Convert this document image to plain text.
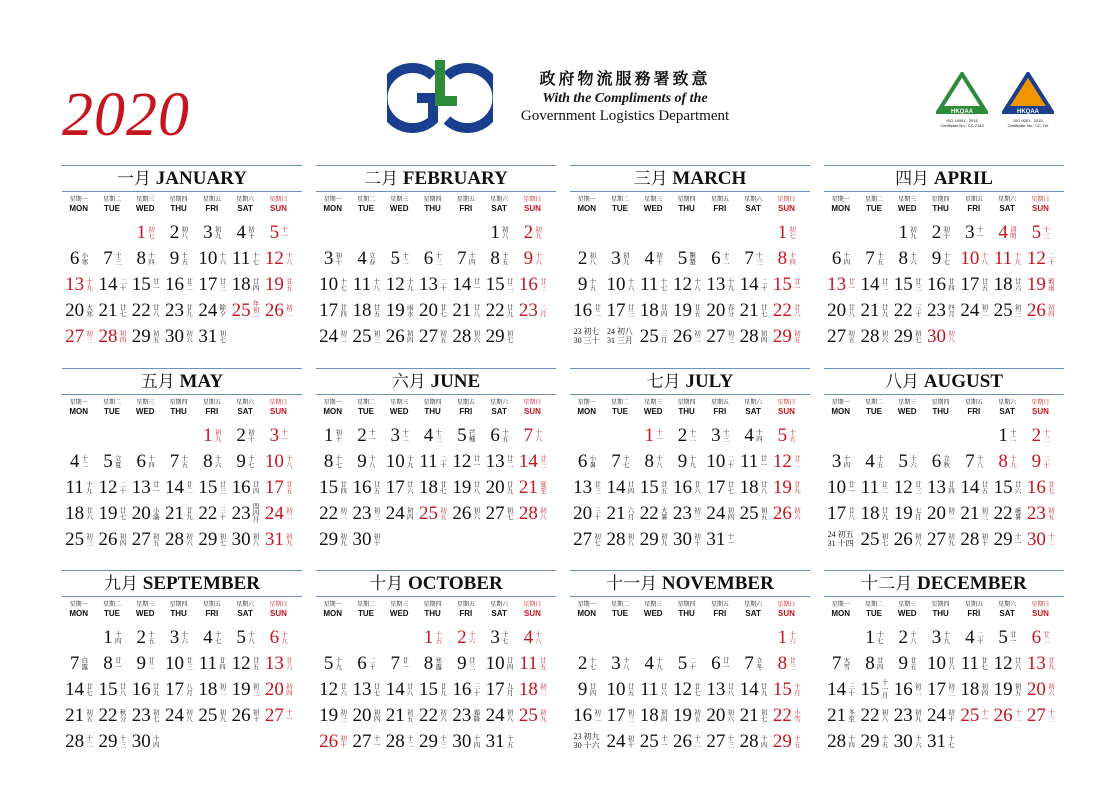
2020
政府物流服務署致意
With the Compliments of the
Government Logistics Department	HKQAA
ISO 14001 : 2015
Certificate No.: CC 2183
HKQAA
ISO 9001 : 2015
Certificate No.: CC 119
一月 JANUARY
星期一
MON
星期二
TUE
星期三
WED
星期四
THU
星期五
FRI
星期六
SAT
星期日
SUN
1 初七 2 初八 3 初九 4 初十 5 十一
6 小寒 7 十三 8 十四 9 十五 10 十六 11 十七 12 十八
13 十九 14 二十 15 廿一 16 廿二 17 廿三 18 廿四 19 廿五
20 大寒 21 廿七 22 廿八 23 廿九 24 除夕 25 年初一 26 初二
27 初三 28 初四 29 初五 30 初六 31 初七
二月 FEBRUARY
星期一
MON
星期二
TUE
星期三
WED
星期四
THU
星期五
FRI
星期六
SAT
星期日
SUN
1 初八 2 初九
3 初十 4 立春 5 十二 6 十三 7 十四 8 十五 9 十六
10 十七 11 十八 12 十九 13 二十 14 廿一 15 廿二 16 廿三
17 廿四 18 廿五 19 雨水 20 廿七 21 廿八 22 廿九 23 二月
24 初二 25 初三 26 初四 27 初五 28 初六 29 初七
三月 MARCH
星期一
MON
星期二
TUE
星期三
WED
星期四
THU
星期五
FRI
星期六
SAT
星期日
SUN
1 初七
2 初八 3 初九 4 初十 5 驚蟄 6 十二 7 十三 8 十四
9 十五 10 十六 11 十七 12 十八 13 十九 14 二十 15 廿一
16 廿二 17 廿三 18 廿四 19 廿五 20 春分 21 廿七 22 廿八
23 初七
30 三十
24 初八
31 三月 25 三月 26 初二 27 初三 28 初四 29 初五
四月 APRIL
星期一
MON
星期二
TUE
星期三
WED
星期四
THU
星期五
FRI
星期六
SAT
星期日
SUN
1 初九 2 初十 3 十一 4 清明 5 十三
6 十四 7 十五 8 十六 9 十七 10 十八 11 十九 12 二十
13 廿一 14 廿二 15 廿三 16 廿四 17 廿五 18 廿六 19 穀雨
20 廿八 21 廿九 22 三十 23 四月 24 初二 25 初三 26 初四
27 初五 28 初六 29 初七 30 初八
五月 MAY
星期一
MON
星期二
TUE
星期三
WED
星期四
THU
星期五
FRI
星期六
SAT
星期日
SUN
1 初九 2 初十 3 十一
4 十二 5 立夏 6 十四 7 十五 8 十六 9 十七 10 十八
11 十九 12 二十 13 廿一 14 廿二 15 廿三 16 廿四 17 廿五
18 廿六 19 廿七 20 小滿 21 廿九 22 三十 23 閏四月 24 初二
25 初三 26 初四 27 初五 28 初六 29 初七 30 初八 31 初九
六月 JUNE
星期一
MON
星期二
TUE
星期三
WED
星期四
THU
星期五
FRI
星期六
SAT
星期日
SUN
1 初十 2 十一 3 十二 4 十三 5 芒種 6 十五 7 十六
8 十七 9 十八 10 十九 11 二十 12 廿一 13 廿二 14 廿三
15 廿四 16 廿五 17 廿六 18 廿七 19 廿八 20 廿九 21 夏至
22 初二 23 初三 24 初四 25 初五 26 初六 27 初七 28 初八
29 初九 30 初十
七月 JULY
星期一
MON
星期二
TUE
星期三
WED
星期四
THU
星期五
FRI
星期六
SAT
星期日
SUN
1 十一 2 十二 3 十三 4 十四 5 十五
6 小暑 7 十七 8 十八 9 十九 10 二十 11 廿一 12 廿二
13 廿三 14 廿四 15 廿五 16 廿六 17 廿七 18 廿八 19 廿九
20 三十 21 六月 22 大暑 23 初三 24 初四 25 初五 26 初六
27 初七 28 初八 29 初九 30 初十 31 十一
八月 AUGUST
星期一
MON
星期二
TUE
星期三
WED
星期四
THU
星期五
FRI
星期六
SAT
星期日
SUN
1 十二 2 十三
3 十四 4 十五 5 十六 6 立秋 7 十八 8 十九 9 二十
10 廿一 11 廿二 12 廿三 13 廿四 14 廿五 15 廿六 16 廿七
17 廿八 18 廿九 19 七月 20 初二 21 初三 22 處暑 23 初五
24 初五
31 十四 25 初七 26 初八 27 初九 28 初十 29 十一 30 十二
九月 SEPTEMBER
星期一
MON
星期二
TUE
星期三
WED
星期四
THU
星期五
FRI
星期六
SAT
星期日
SUN
1 十四 2 十五 3 十六 4 十七 5 十八 6 十九
7 白露 8 廿一 9 廿二 10 廿三 11 廿四 12 廿五 13 廿六
14 廿七 15 廿八 16 廿九 17 八月 18 初二 19 初三 20 初四
21 初五 22 秋分 23 初七 24 初八 25 初九 26 初十 27 十一
28 十二 29 十三 30 十四
十月 OCTOBER
星期一
MON
星期二
TUE
星期三
WED
星期四
THU
星期五
FRI
星期六
SAT
星期日
SUN
1 十五 2 十六 3 十七 4 十八
5 十九 6 二十 7 廿一 8 寒露 9 廿三 10 廿四 11 廿五
12 廿六 13 廿七 14 廿八 15 廿九 16 三十 17 九月 18 初二
19 初三 20 初四 21 初五 22 初六 23 霜降 24 初八 25 初九
26 初十 27 十一 28 十二 29 十三 30 十四 31 十五
十一月 NOVEMBER
星期一
MON
星期二
TUE
星期三
WED
星期四
THU
星期五
FRI
星期六
SAT
星期日
SUN
1 十六
2 十七 3 十八 4 十九 5 二十 6 廿一 7 立冬 8 廿三
9 廿四 10 廿五 11 廿六 12 廿七 13 廿八 14 廿九 15 十月
16 初二 17 初三 18 初四 19 初五 20 初六 21 初七 22 小雪
23 初九
30 十六 24 初十 25 十一 26 十二 27 十三 28 十四 29 十五
十二月 DECEMBER
星期一
MON
星期二
TUE
星期三
WED
星期四
THU
星期五
FRI
星期六
SAT
星期日
SUN
1 十七 2 十八 3 十九 4 二十 5 廿一 6 廿二
7 大雪 8 廿四 9 廿五 10 廿六 11 廿七 12 廿八 13 廿九
14 三十 15 十一月 16 初二 17 初三 18 初四 19 初五 20 初六
21 冬至 22 初八 23 初九 24 初十 25 十一 26 十二 27 十三
28 十四 29 十五 30 十六 31 十七
